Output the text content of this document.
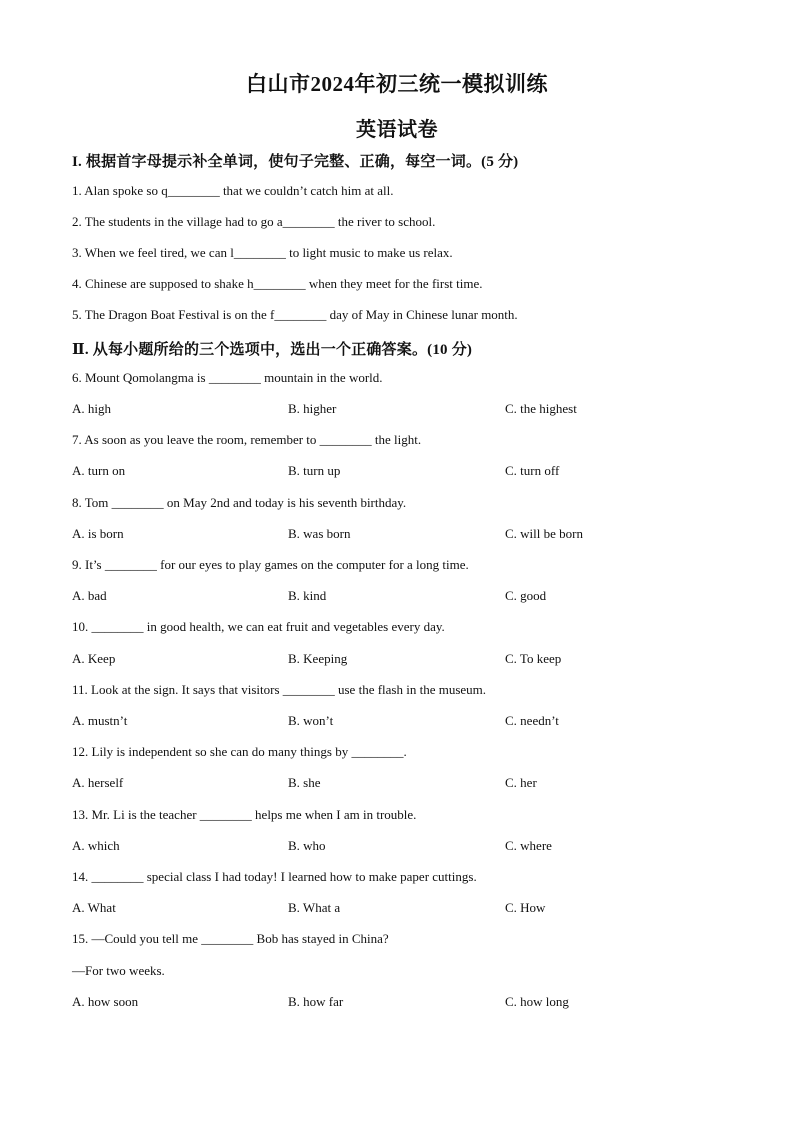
白山市2024年初三统一模拟训练
英语试卷
I. 根据首字母提示补全单词，使句子完整、正确，每空一词。(5 分)
1. Alan spoke so q________ that we couldn’t catch him at all.
2. The students in the village had to go a________ the river to school.
3. When we feel tired, we can l________ to light music to make us relax.
4. Chinese are supposed to shake h________ when they meet for the first time.
5. The Dragon Boat Festival is on the f________ day of May in Chinese lunar month.
Ⅱ. 从每小题所给的三个选项中，选出一个正确答案。(10 分)
6. Mount Qomolangma is ________ mountain in the world.
A. high	B. higher	C. the highest
7. As soon as you leave the room, remember to ________ the light.
A. turn on	B. turn up	C. turn off
8. Tom ________ on May 2nd and today is his seventh birthday.
A. is born	B. was born	C. will be born
9. It’s ________ for our eyes to play games on the computer for a long time.
A. bad	B. kind	C. good
10. ________ in good health, we can eat fruit and vegetables every day.
A. Keep	B. Keeping	C. To keep
11. Look at the sign. It says that visitors ________ use the flash in the museum.
A. mustn’t	B. won’t	C. needn’t
12. Lily is independent so she can do many things by ________.
A. herself	B. she	C. her
13. Mr. Li is the teacher ________ helps me when I am in trouble.
A. which	B. who	C. where
14. ________ special class I had today! I learned how to make paper cuttings.
A. What	B. What a	C. How
15. —Could you tell me ________ Bob has stayed in China?
—For two weeks.
A. how soon	B. how far	C. how long
